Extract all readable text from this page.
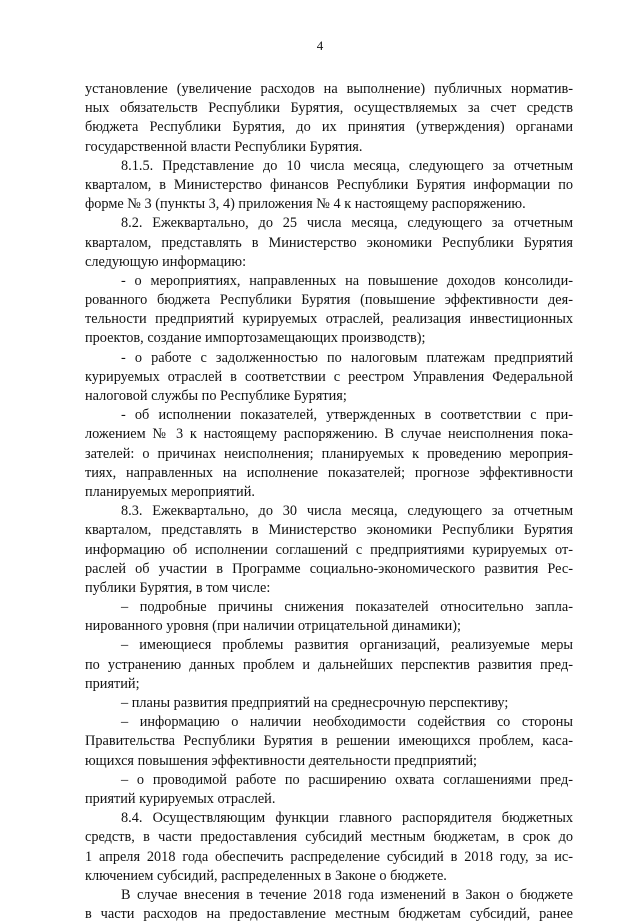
4
установление (увеличение расходов на выполнение) публичных норматив-
ных обязательств Республики Бурятия, осуществляемых за счет средств
бюджета Республики Бурятия, до их принятия (утверждения) органами
государственной власти Республики Бурятия.
8.1.5. Представление до 10 числа месяца, следующего за отчетным
кварталом, в Министерство финансов Республики Бурятия информации по
форме № 3 (пункты 3, 4) приложения № 4 к настоящему распоряжению.
8.2. Ежеквартально, до 25 числа месяца, следующего за отчетным
кварталом, представлять в Министерство экономики Республики Бурятия
следующую информацию:
- о мероприятиях, направленных на повышение доходов консолиди-
рованного бюджета Республики Бурятия (повышение эффективности дея-
тельности предприятий курируемых отраслей, реализация инвестиционных
проектов, создание импортозамещающих производств);
- о работе с задолженностью по налоговым платежам предприятий
курируемых отраслей в соответствии с реестром Управления Федеральной
налоговой службы по Республике Бурятия;
- об исполнении показателей, утвержденных в соответствии с при-
ложением № 3 к настоящему распоряжению. В случае неисполнения пока-
зателей: о причинах неисполнения; планируемых к проведению мероприя-
тиях, направленных на исполнение показателей; прогнозе эффективности
планируемых мероприятий.
8.3. Ежеквартально, до 30 числа месяца, следующего за отчетным
кварталом, представлять в Министерство экономики Республики Бурятия
информацию об исполнении соглашений с предприятиями курируемых от-
раслей об участии в Программе социально-экономического развития Рес-
публики Бурятия, в том числе:
– подробные причины снижения показателей относительно запла-
нированного уровня (при наличии отрицательной динамики);
– имеющиеся проблемы развития организаций, реализуемые меры
по устранению данных проблем и дальнейших перспектив развития пред-
приятий;
– планы развития предприятий на среднесрочную перспективу;
– информацию о наличии необходимости содействия со стороны
Правительства Республики Бурятия в решении имеющихся проблем, каса-
ющихся повышения эффективности деятельности предприятий;
– о проводимой работе по расширению охвата соглашениями пред-
приятий курируемых отраслей.
8.4. Осуществляющим функции главного распорядителя бюджетных
средств, в части предоставления субсидий местным бюджетам, в срок до
1 апреля 2018 года обеспечить распределение субсидий в 2018 году, за ис-
ключением субсидий, распределенных в Законе о бюджете.
В случае внесения в течение 2018 года изменений в Закон о бюджете
в части расходов на предоставление местным бюджетам субсидий, ранее
